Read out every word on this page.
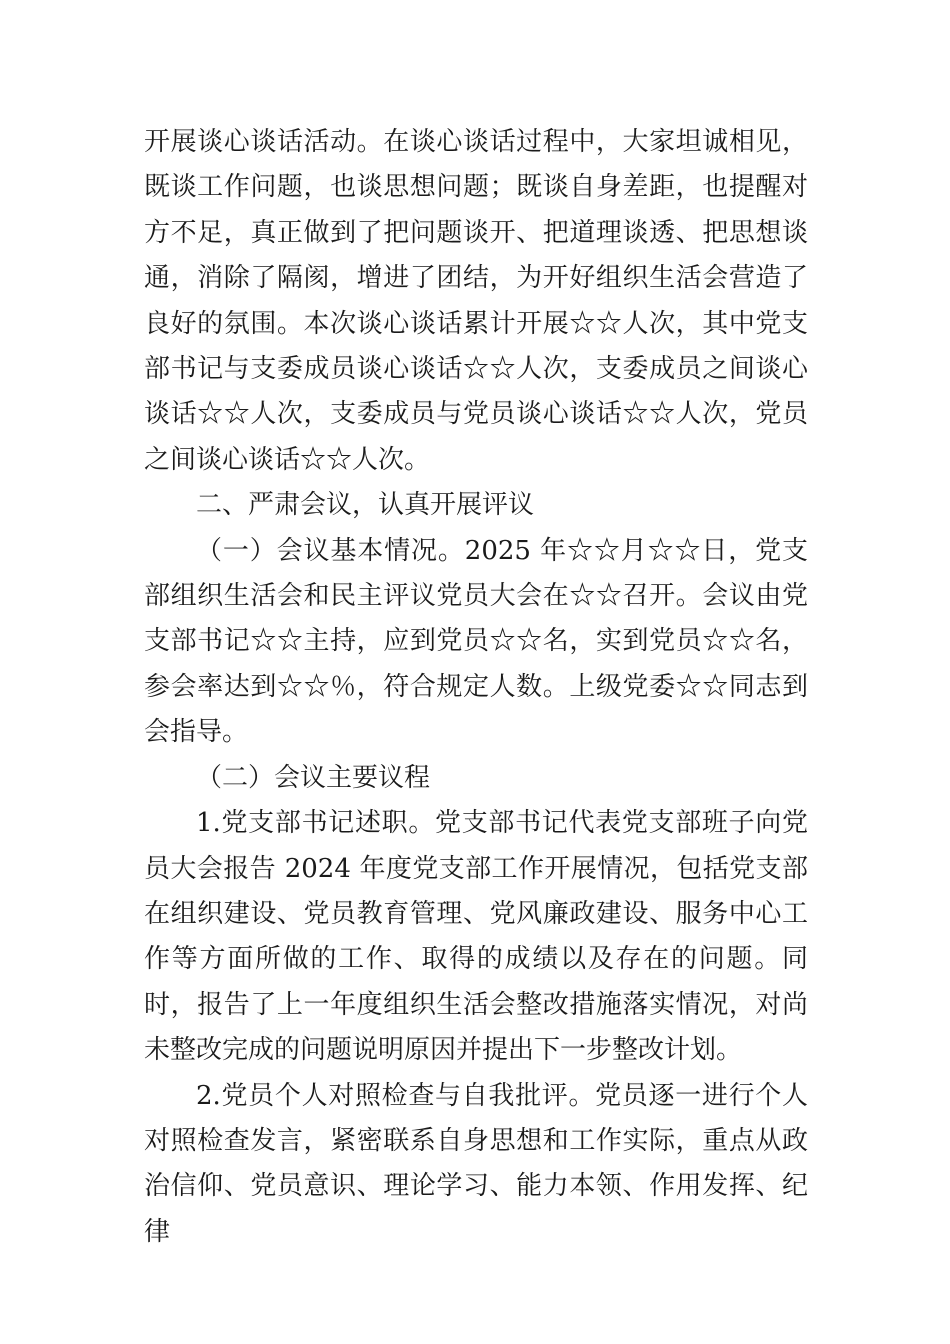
开展谈心谈话活动。在谈心谈话过程中，大家坦诚相见，既谈工作问题，也谈思想问题；既谈自身差距，也提醒对方不足，真正做到了把问题谈开、把道理谈透、把思想谈通，消除了隔阂，增进了团结，为开好组织生活会营造了良好的氛围。本次谈心谈话累计开展☆☆人次，其中党支部书记与支委成员谈心谈话☆☆人次，支委成员之间谈心谈话☆☆人次，支委成员与党员谈心谈话☆☆人次，党员之间谈心谈话☆☆人次。

二、严肃会议，认真开展评议

（一）会议基本情况。2025 年☆☆月☆☆日，党支部组织生活会和民主评议党员大会在☆☆召开。会议由党支部书记☆☆主持，应到党员☆☆名，实到党员☆☆名，参会率达到☆☆％，符合规定人数。上级党委☆☆同志到会指导。

（二）会议主要议程

1.党支部书记述职。党支部书记代表党支部班子向党员大会报告 2024 年度党支部工作开展情况，包括党支部在组织建设、党员教育管理、党风廉政建设、服务中心工作等方面所做的工作、取得的成绩以及存在的问题。同时，报告了上一年度组织生活会整改措施落实情况，对尚未整改完成的问题说明原因并提出下一步整改计划。

2.党员个人对照检查与自我批评。党员逐一进行个人对照检查发言，紧密联系自身思想和工作实际，重点从政治信仰、党员意识、理论学习、能力本领、作用发挥、纪律
